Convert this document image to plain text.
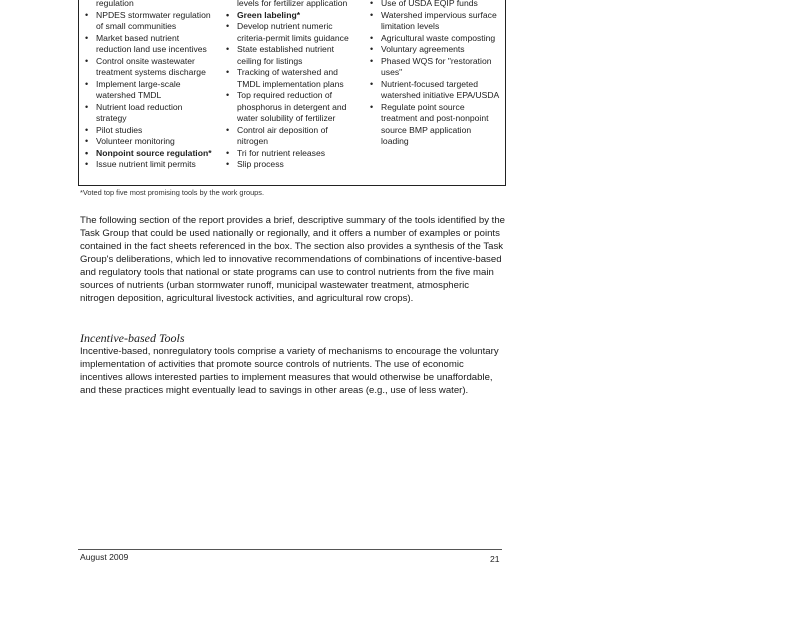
regulation
• NPDES stormwater regulation
of small communities
• Market based nutrient
reduction land use incentives
• Control onsite wastewater
treatment systems discharge
• Implement large-scale
watershed TMDL
• Nutrient load reduction
strategy
• Pilot studies
• Volunteer monitoring
• Nonpoint source regulation*
• Issue nutrient limit permits
levels for fertilizer application
• Green labeling*
• Develop nutrient numeric
criteria-permit limits guidance
• State established nutrient
ceiling for listings
• Tracking of watershed and
TMDL implementation plans
• Top required reduction of
phosphorus in detergent and
water solubility of fertilizer
• Control air deposition of
nitrogen
• Tri for nutrient releases
• Slip process
• Use of USDA EQIP funds
• Watershed impervious surface
limitation levels
• Agricultural waste composting
• Voluntary agreements
• Phased WQS for "restoration
uses"
• Nutrient-focused targeted
watershed initiative EPA/USDA
• Regulate point source
treatment and post-nonpoint
source BMP application
loading

*Voted top five most promising tools by the work groups.

The following section of the report provides a brief, descriptive summary of the tools identified by the Task Group that could be used nationally or regionally, and it offers a number of examples or points contained in the fact sheets referenced in the box. The section also provides a synthesis of the Task Group's deliberations, which led to innovative recommendations of combinations of incentive-based and regulatory tools that national or state programs can use to control nutrients from the five main sources of nutrients (urban stormwater runoff, municipal wastewater treatment, atmospheric nitrogen deposition, agricultural livestock activities, and agricultural row crops).

Incentive-based Tools

Incentive-based, nonregulatory tools comprise a variety of mechanisms to encourage the voluntary implementation of activities that promote source controls of nutrients. The use of economic incentives allows interested parties to implement measures that would otherwise be unaffordable, and these practices might eventually lead to savings in other areas (e.g., use of less water).

August 2009	21
